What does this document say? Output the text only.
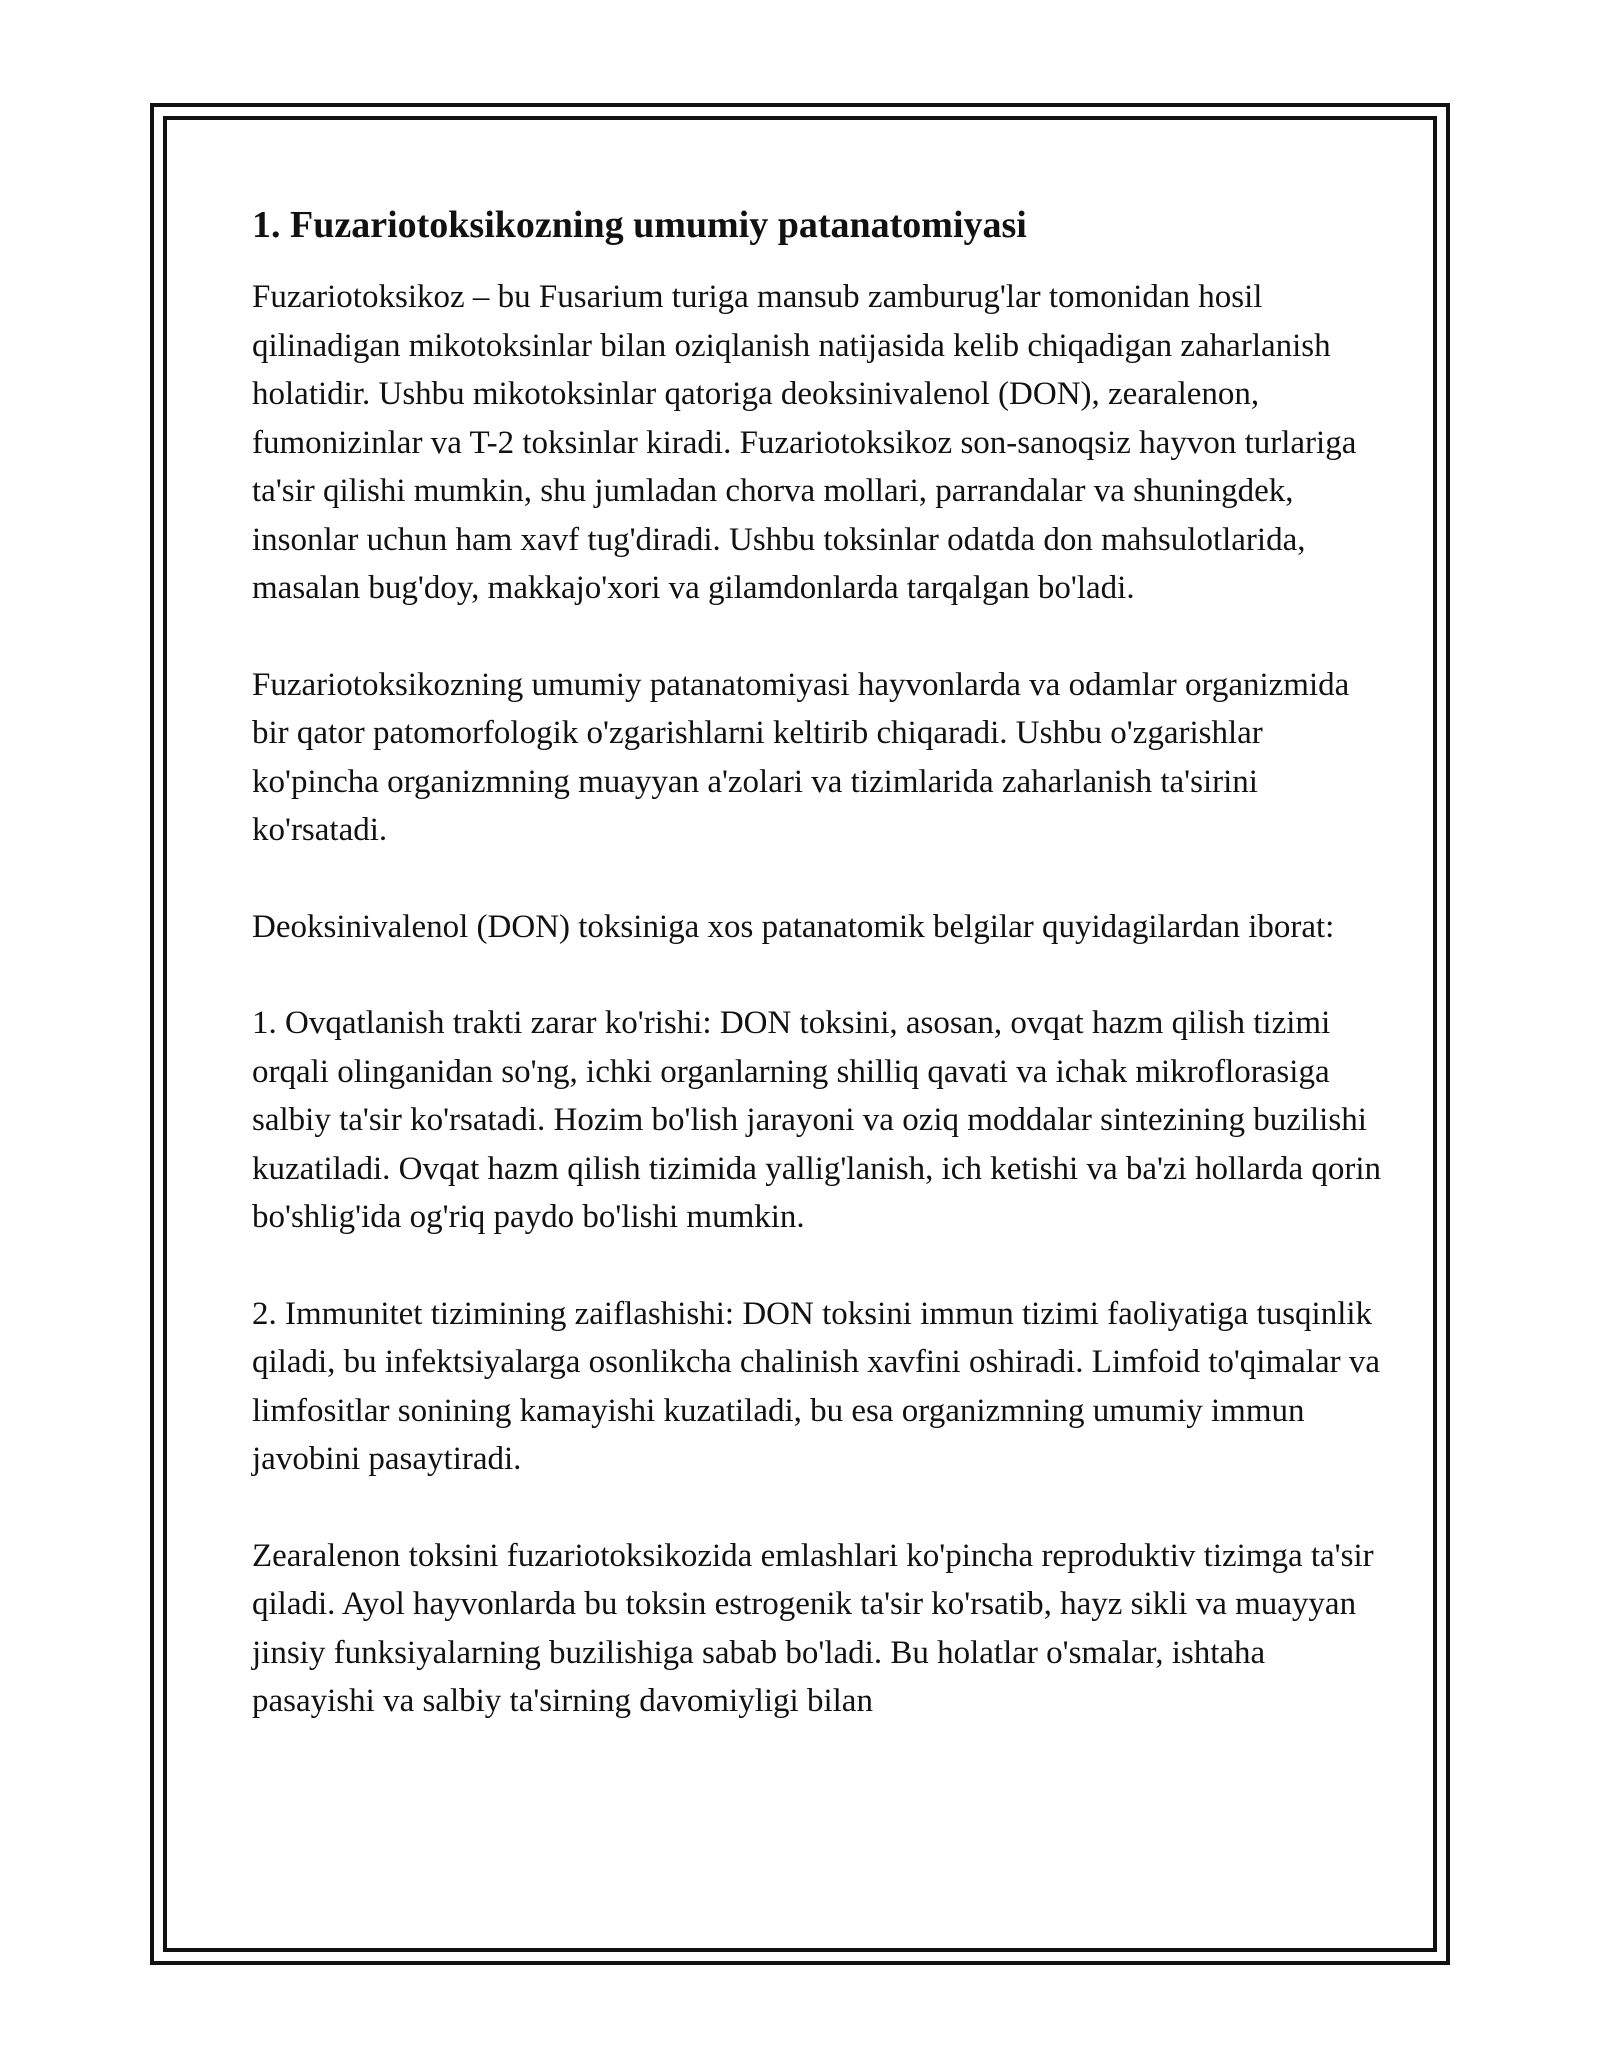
1. Fuzariotoksikozning umumiy patanatomiyasi

Fuzariotoksikoz – bu Fusarium turiga mansub zamburug'lar tomonidan hosil qilinadigan mikotoksinlar bilan oziqlanish natijasida kelib chiqadigan zaharlanish holatidir. Ushbu mikotoksinlar qatoriga deoksinivalenol (DON), zearalenon, fumonizinlar va T-2 toksinlar kiradi. Fuzariotoksikoz son-sanoqsiz hayvon turlariga ta'sir qilishi mumkin, shu jumladan chorva mollari, parrandalar va shuningdek, insonlar uchun ham xavf tug'diradi. Ushbu toksinlar odatda don mahsulotlarida, masalan bug'doy, makkajo'xori va gilamdonlarda tarqalgan bo'ladi.

Fuzariotoksikozning umumiy patanatomiyasi hayvonlarda va odamlar organizmida bir qator patomorfologik o'zgarishlarni keltirib chiqaradi. Ushbu o'zgarishlar ko'pincha organizmning muayyan a'zolari va tizimlarida zaharlanish ta'sirini ko'rsatadi.

Deoksinivalenol (DON) toksiniga xos patanatomik belgilar quyidagilardan iborat:

1. Ovqatlanish trakti zarar ko'rishi: DON toksini, asosan, ovqat hazm qilish tizimi orqali olinganidan so'ng, ichki organlarning shilliq qavati va ichak mikroflorasiga salbiy ta'sir ko'rsatadi. Hozim bo'lish jarayoni va oziq moddalar sintezining buzilishi kuzatiladi. Ovqat hazm qilish tizimida yallig'lanish, ich ketishi va ba'zi hollarda qorin bo'shlig'ida og'riq paydo bo'lishi mumkin.

2. Immunitet tizimining zaiflashishi: DON toksini immun tizimi faoliyatiga tusqinlik qiladi, bu infektsiyalarga osonlikcha chalinish xavfini oshiradi. Limfoid to'qimalar va limfositlar sonining kamayishi kuzatiladi, bu esa organizmning umumiy immun javobini pasaytiradi.

Zearalenon toksini fuzariotoksikozida emlashlari ko'pincha reproduktiv tizimga ta'sir qiladi. Ayol hayvonlarda bu toksin estrogenik ta'sir ko'rsatib, hayz sikli va muayyan jinsiy funksiyalarning buzilishiga sabab bo'ladi. Bu holatlar o'smalar, ishtaha pasayishi va salbiy ta'sirning davomiyligi bilan
